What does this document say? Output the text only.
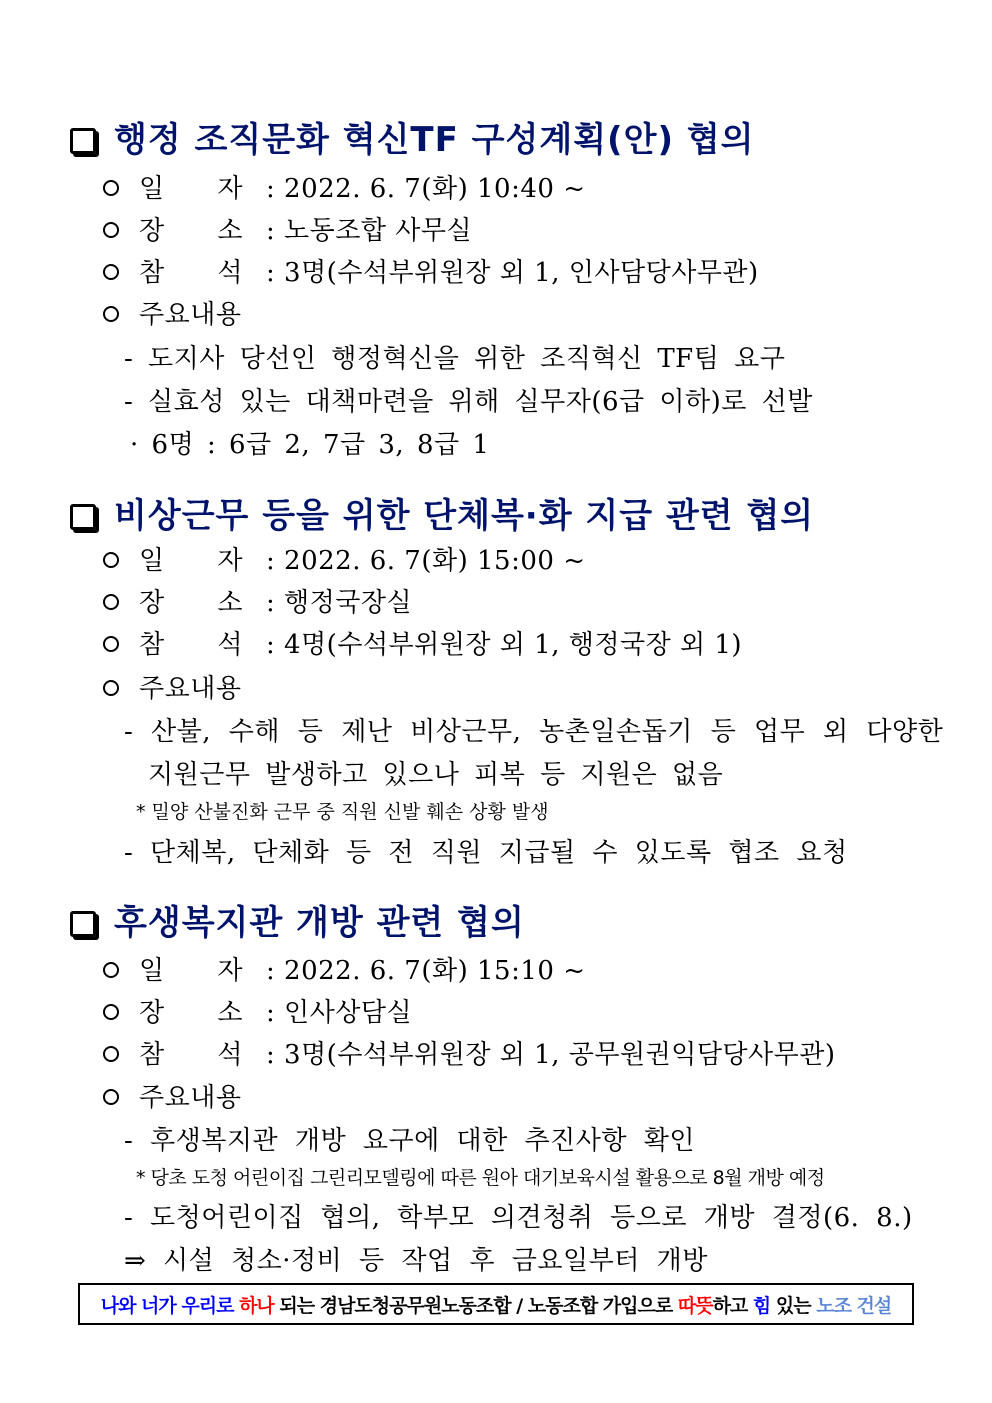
행정 조직문화 혁신TF 구성계획(안) 협의
일 자 : 2022. 6. 7(화) 10:40 ~
장 소 : 노동조합 사무실
참 석 : 3명(수석부위원장 외 1, 인사담당사무관)
주요내용
- 도지사 당선인 행정혁신을 위한 조직혁신 TF팀 요구
- 실효성 있는 대책마련을 위해 실무자(6급 이하)로 선발
· 6명 : 6급 2, 7급 3, 8급 1
비상근무 등을 위한 단체복·화 지급 관련 협의
일 자 : 2022. 6. 7(화) 15:00 ~
장 소 : 행정국장실
참 석 : 4명(수석부위원장 외 1, 행정국장 외 1)
주요내용
- 산불, 수해 등 제난 비상근무, 농촌일손돕기 등 업무 외 다양한
지원근무 발생하고 있으나 피복 등 지원은 없음
* 밀양 산불진화 근무 중 직원 신발 훼손 상황 발생
- 단체복, 단체화 등 전 직원 지급될 수 있도록 협조 요청
후생복지관 개방 관련 협의
일 자 : 2022. 6. 7(화) 15:10 ~
장 소 : 인사상담실
참 석 : 3명(수석부위원장 외 1, 공무원권익담당사무관)
주요내용
- 후생복지관 개방 요구에 대한 추진사항 확인
* 당초 도청 어린이집 그린리모델링에 따른 원아 대기보육시설 활용으로 8월 개방 예정
- 도청어린이집 협의, 학부모 의견청취 등으로 개방 결정(6. 8.)
⇒ 시설 청소·정비 등 작업 후 금요일부터 개방
나와 너가 우리로 하나 되는 경남도청공무원노동조합 / 노동조합 가입으로 따뜻 하고 힘 있는 노조 건설
